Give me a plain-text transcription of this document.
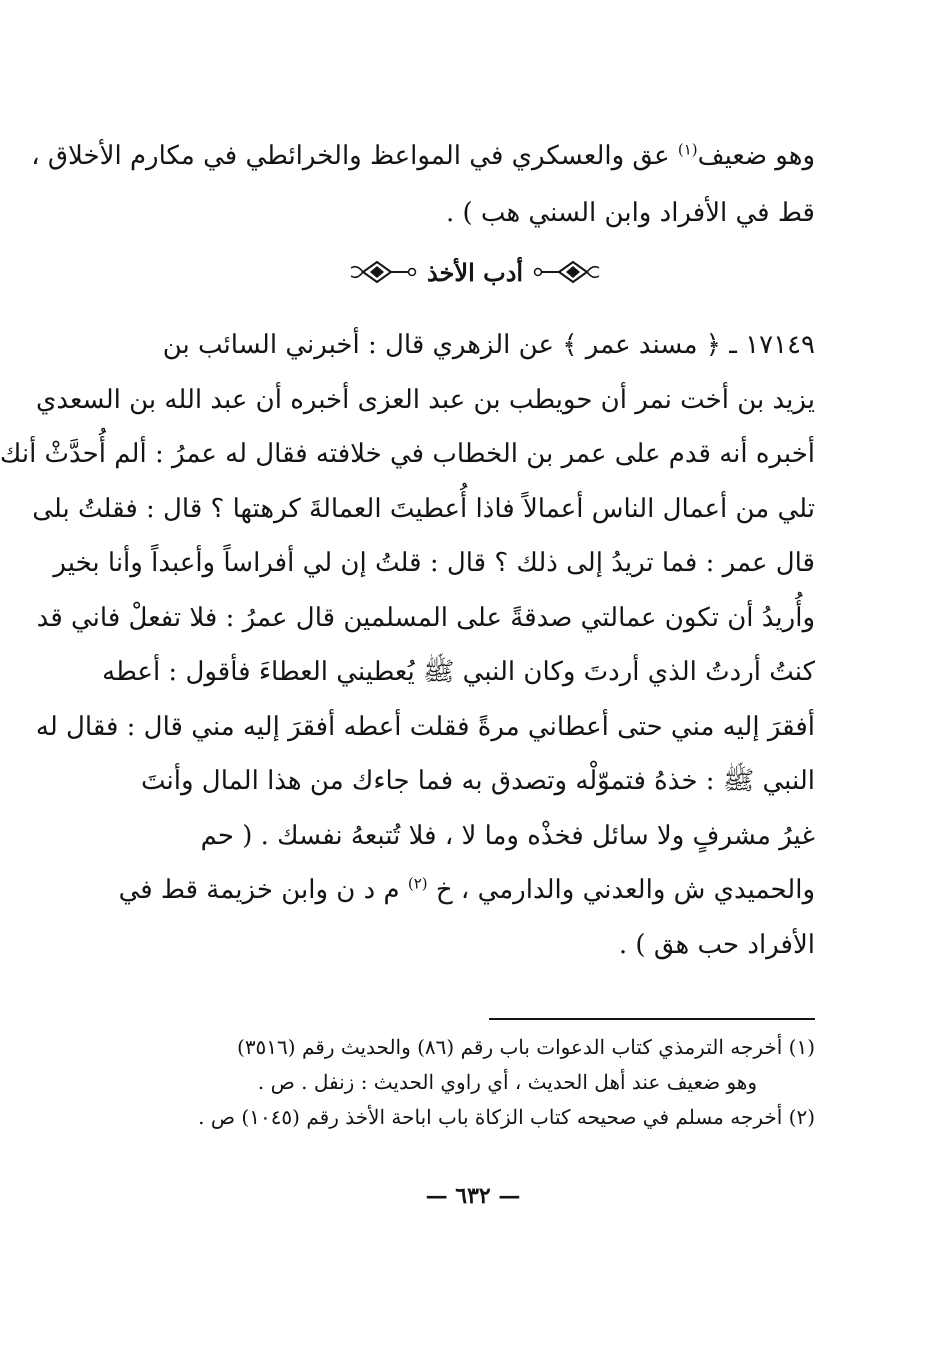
وهو ضعيف$^{(١)}$ عق والعسكري في المواعظ والخرائطي في مكارم الأخلاق ،
قط في الأفراد وابن السني هب ) .
أدب الأخذ
١٧١٤٩ ـ ﴿ مسند عمر ﴾ عن الزهري قال : أخبرني السائب بن
يزيد بن أخت نمر أن حويطب بن عبد العزى أخبره أن عبد الله بن السعدي
أخبره أنه قدم على عمر بن الخطاب في خلافته فقال له عمرُ : ألم أُحدَّثْ أنك
تلي من أعمال الناس أعمالاً فاذا أُعطيتَ العمالةَ كرهتها ؟ قال : فقلتُ بلى
قال عمر : فما تريدُ إلى ذلك ؟ قال : قلتُ إن لي أفراساً وأعبداً وأنا بخير
وأُريدُ أن تكون عمالتي صدقةً على المسلمين قال عمرُ : فلا تفعلْ فاني قد
كنتُ أردتُ الذي أردتَ وكان النبي ﷺ يُعطيني العطاءَ فأقول : أعطه
أفقرَ إليه مني حتى أعطاني مرةً فقلت أعطه أفقرَ إليه مني قال : فقال له
النبي ﷺ : خذهُ فتموّلْه وتصدق به فما جاءك من هذا المال وأنتَ
غيرُ مشرفٍ ولا سائل فخذْه وما لا ، فلا تُتبعهُ نفسك . ( حم
والحميدي ش والعدني والدارمي ، خ $^{(٢)}$ م د ن وابن خزيمة قط في
الأفراد حب هق ) .
(١) أخرجه الترمذي كتاب الدعوات باب رقم (٨٦) والحديث رقم (٣٥١٦)
وهو ضعيف عند أهل الحديث ، أي راوي الحديث : زنفل . ص .
(٢) أخرجه مسلم في صحيحه كتاب الزكاة باب اباحة الأخذ رقم (١٠٤٥) ص .
— ٦٣٢ —
